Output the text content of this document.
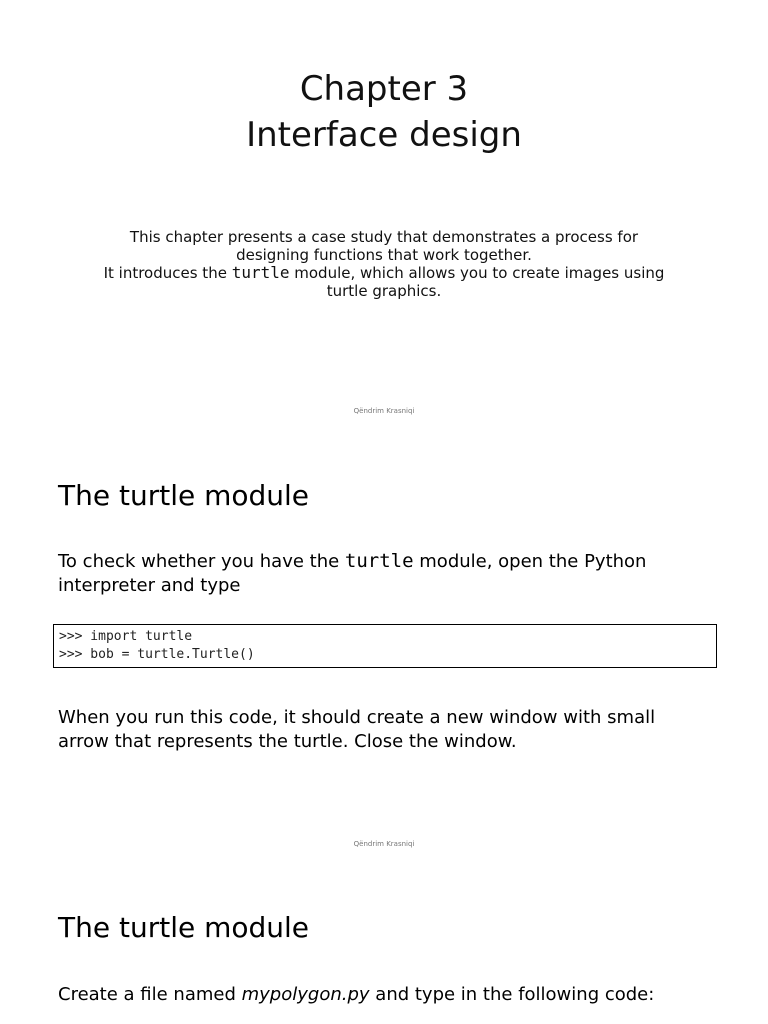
Chapter 3
Interface design

This chapter presents a case study that demonstrates a process for designing functions that work together.

It introduces the turtle module, which allows you to create images using turtle graphics.

Qëndrim Krasniqi
The turtle module

To check whether you have the turtle module, open the Python interpreter and type

>>> import turtle
>>> bob = turtle.Turtle()

When you run this code, it should create a new window with small arrow that represents the turtle. Close the window.

Qëndrim Krasniqi
The turtle module

Create a file named mypolygon.py and type in the following code:
